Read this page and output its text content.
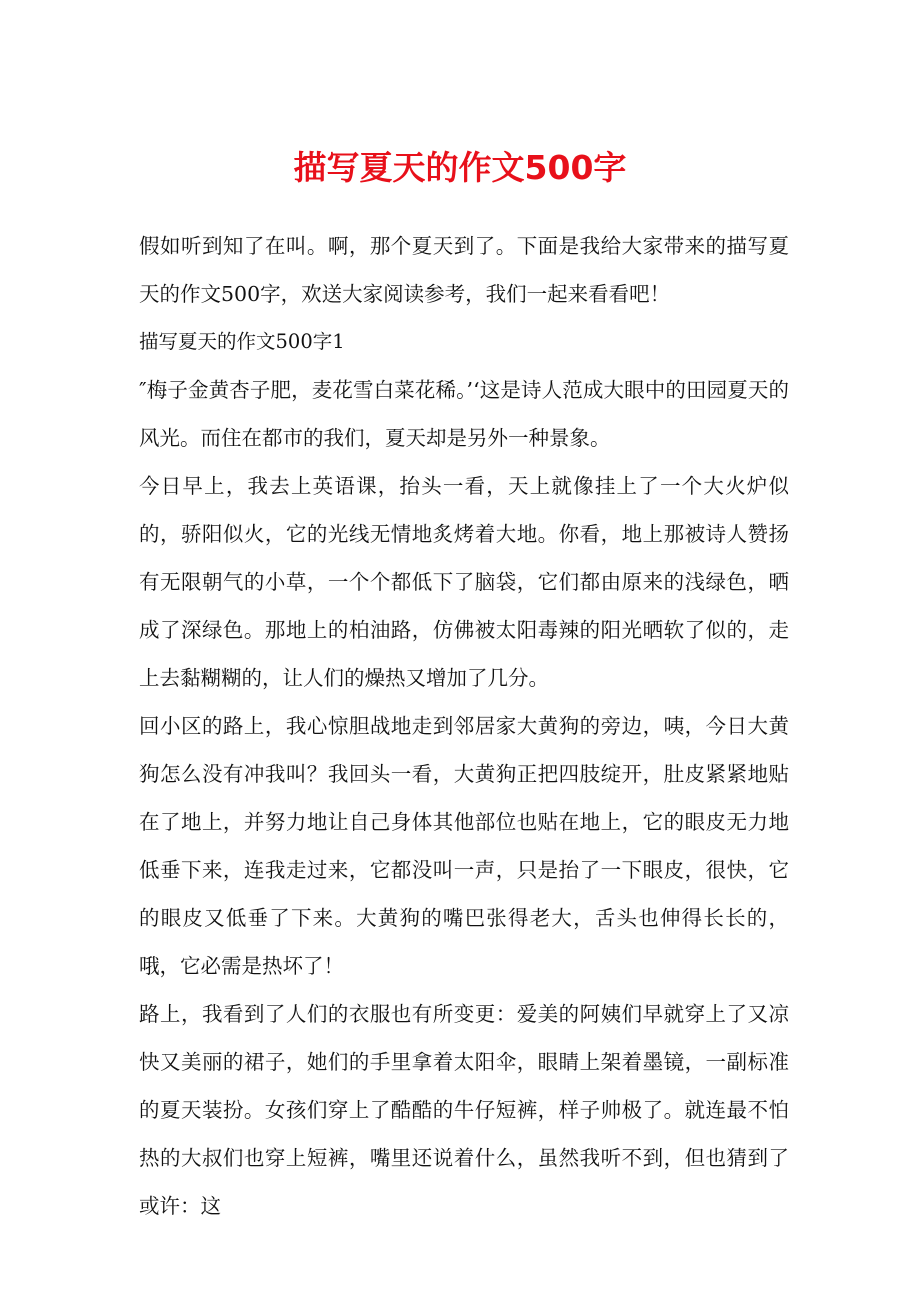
描写夏天的作文500字

假如听到知了在叫。啊，那个夏天到了。下面是我给大家带来的描写夏天的作文500字，欢送大家阅读参考，我们一起来看看吧！

描写夏天的作文500字1

″梅子金黄杏子肥，麦花雪白菜花稀。’‘这是诗人范成大眼中的田园夏天的风光。而住在都市的我们，夏天却是另外一种景象。

今日早上，我去上英语课，抬头一看，天上就像挂上了一个大火炉似的，骄阳似火，它的光线无情地炙烤着大地。你看，地上那被诗人赞扬有无限朝气的小草，一个个都低下了脑袋，它们都由原来的浅绿色，晒成了深绿色。那地上的柏油路，仿佛被太阳毒辣的阳光晒软了似的，走上去黏糊糊的，让人们的燥热又增加了几分。

回小区的路上，我心惊胆战地走到邻居家大黄狗的旁边，咦，今日大黄狗怎么没有冲我叫？我回头一看，大黄狗正把四肢绽开，肚皮紧紧地贴在了地上，并努力地让自己身体其他部位也贴在地上，它的眼皮无力地低垂下来，连我走过来，它都没叫一声，只是抬了一下眼皮，很快，它的眼皮又低垂了下来。大黄狗的嘴巴张得老大，舌头也伸得长长的，哦，它必需是热坏了！

路上，我看到了人们的衣服也有所变更：爱美的阿姨们早就穿上了又凉快又美丽的裙子，她们的手里拿着太阳伞，眼睛上架着墨镜，一副标准的夏天装扮。女孩们穿上了酷酷的牛仔短裤，样子帅极了。就连最不怕热的大叔们也穿上短裤，嘴里还说着什么，虽然我听不到，但也猜到了或许：这
